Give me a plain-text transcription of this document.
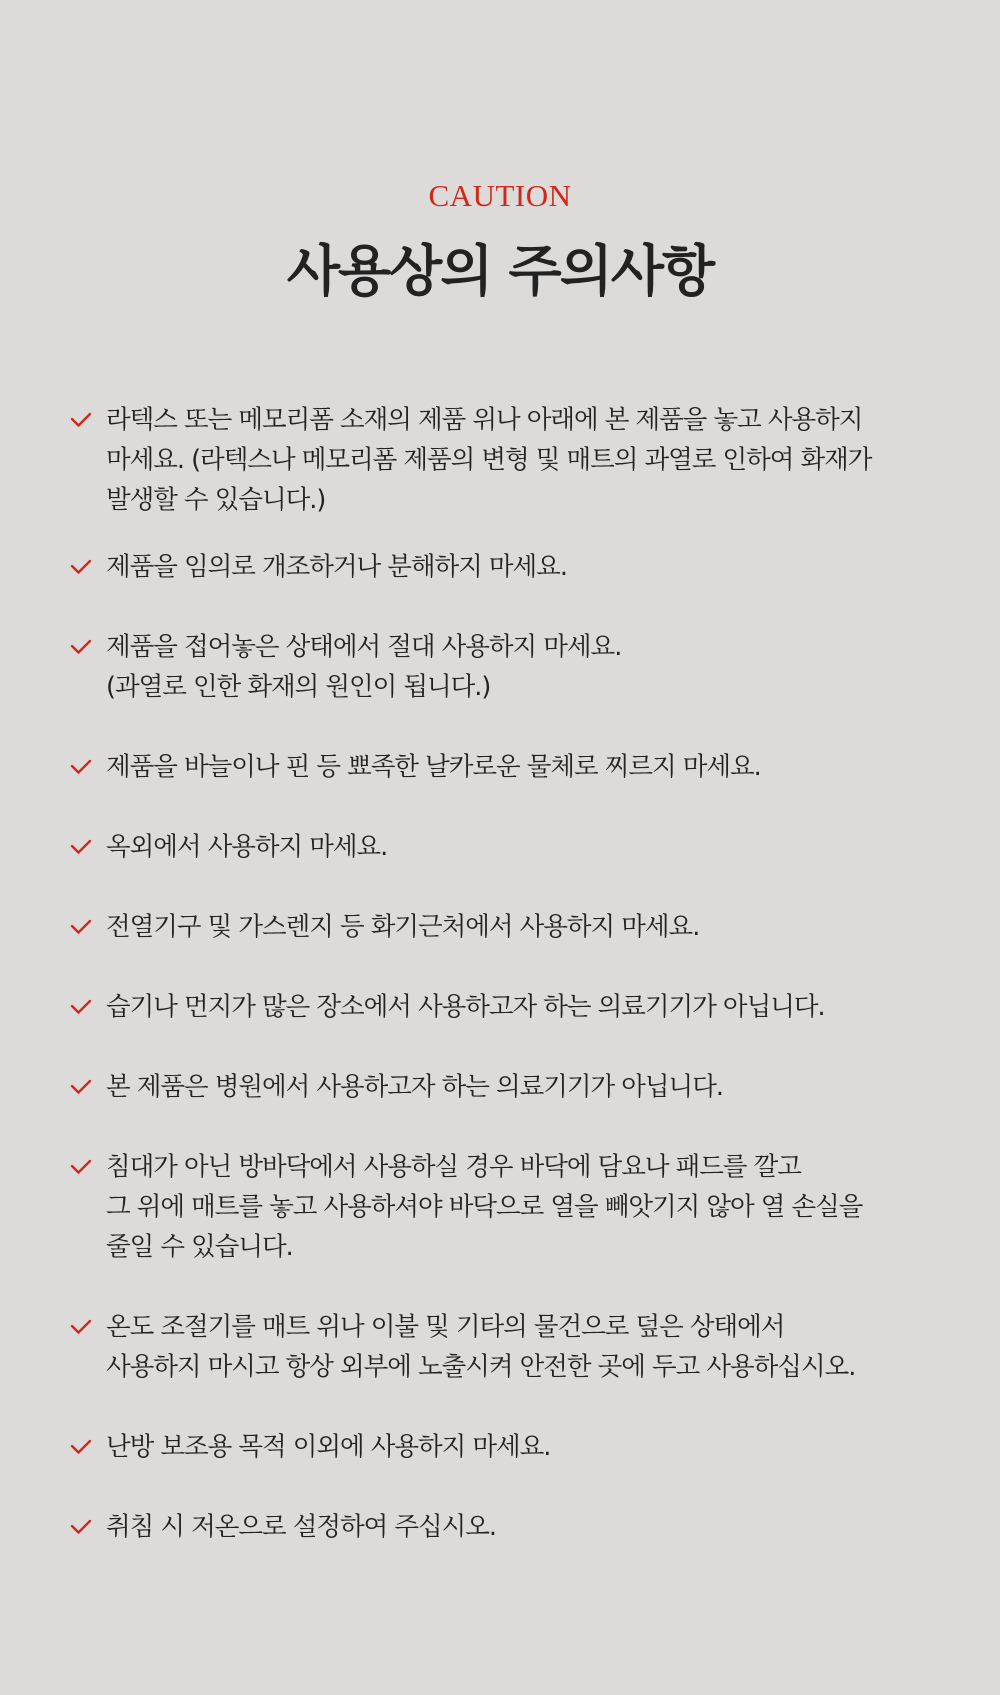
CAUTION
사용상의 주의사항

라텍스 또는 메모리폼 소재의 제품 위나 아래에 본 제품을 놓고 사용하지
마세요. (라텍스나 메모리폼 제품의 변형 및 매트의 과열로 인하여 화재가
발생할 수 있습니다.)

제품을 임의로 개조하거나 분해하지 마세요.

제품을 접어놓은 상태에서 절대 사용하지 마세요.
(과열로 인한 화재의 원인이 됩니다.)

제품을 바늘이나 핀 등 뾰족한 날카로운 물체로 찌르지 마세요.

옥외에서 사용하지 마세요.

전열기구 및 가스렌지 등 화기근처에서 사용하지 마세요.

습기나 먼지가 많은 장소에서 사용하고자 하는 의료기기가 아닙니다.

본 제품은 병원에서 사용하고자 하는 의료기기가 아닙니다.

침대가 아닌 방바닥에서 사용하실 경우 바닥에 담요나 패드를 깔고
그 위에 매트를 놓고 사용하셔야 바닥으로 열을 빼앗기지 않아 열 손실을
줄일 수 있습니다.

온도 조절기를 매트 위나 이불 및 기타의 물건으로 덮은 상태에서
사용하지 마시고 항상 외부에 노출시켜 안전한 곳에 두고 사용하십시오.

난방 보조용 목적 이외에 사용하지 마세요.

취침 시 저온으로 설정하여 주십시오.
